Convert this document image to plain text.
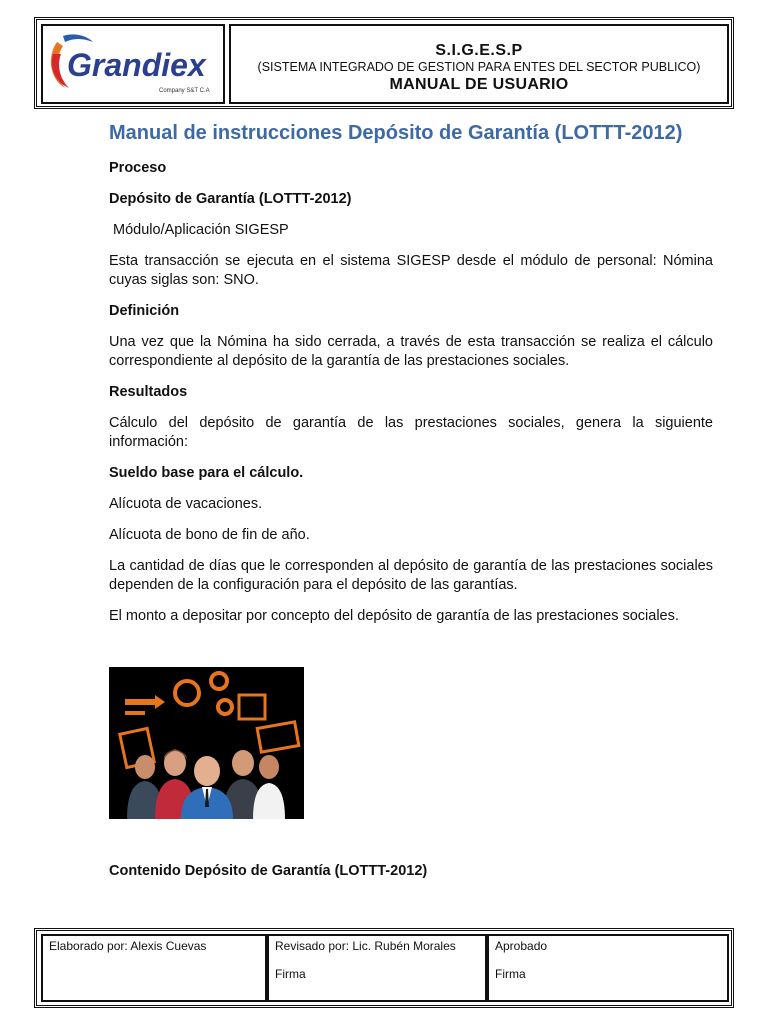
Grandiex
Company S&T C.A
S.I.G.E.S.P
(SISTEMA INTEGRADO DE GESTION PARA ENTES DEL SECTOR PUBLICO)
MANUAL DE USUARIO
Manual de instrucciones Depósito de Garantía (LOTTT-2012)
Proceso
Depósito de Garantía (LOTTT-2012)
Módulo/Aplicación SIGESP
Esta transacción se ejecuta en el sistema SIGESP desde el módulo de personal: Nómina cuyas siglas son: SNO.
Definición
Una vez que la Nómina ha sido cerrada, a través de esta transacción se realiza el cálculo correspondiente al depósito de la garantía de las prestaciones sociales.
Resultados
Cálculo del depósito de garantía de las prestaciones sociales, genera la siguiente información:
Sueldo base para el cálculo.
Alícuota de vacaciones.
Alícuota de bono de fin de año.
La cantidad de días que le corresponden al depósito de garantía de las prestaciones sociales dependen de la configuración para el depósito de las garantías.
El monto a depositar por concepto del depósito de garantía de las prestaciones sociales.
Contenido Depósito de Garantía (LOTTT-2012)
Elaborado por: Alexis Cuevas	Revisado por: Lic. Rubén Morales
Firma
Aprobado
Firma
